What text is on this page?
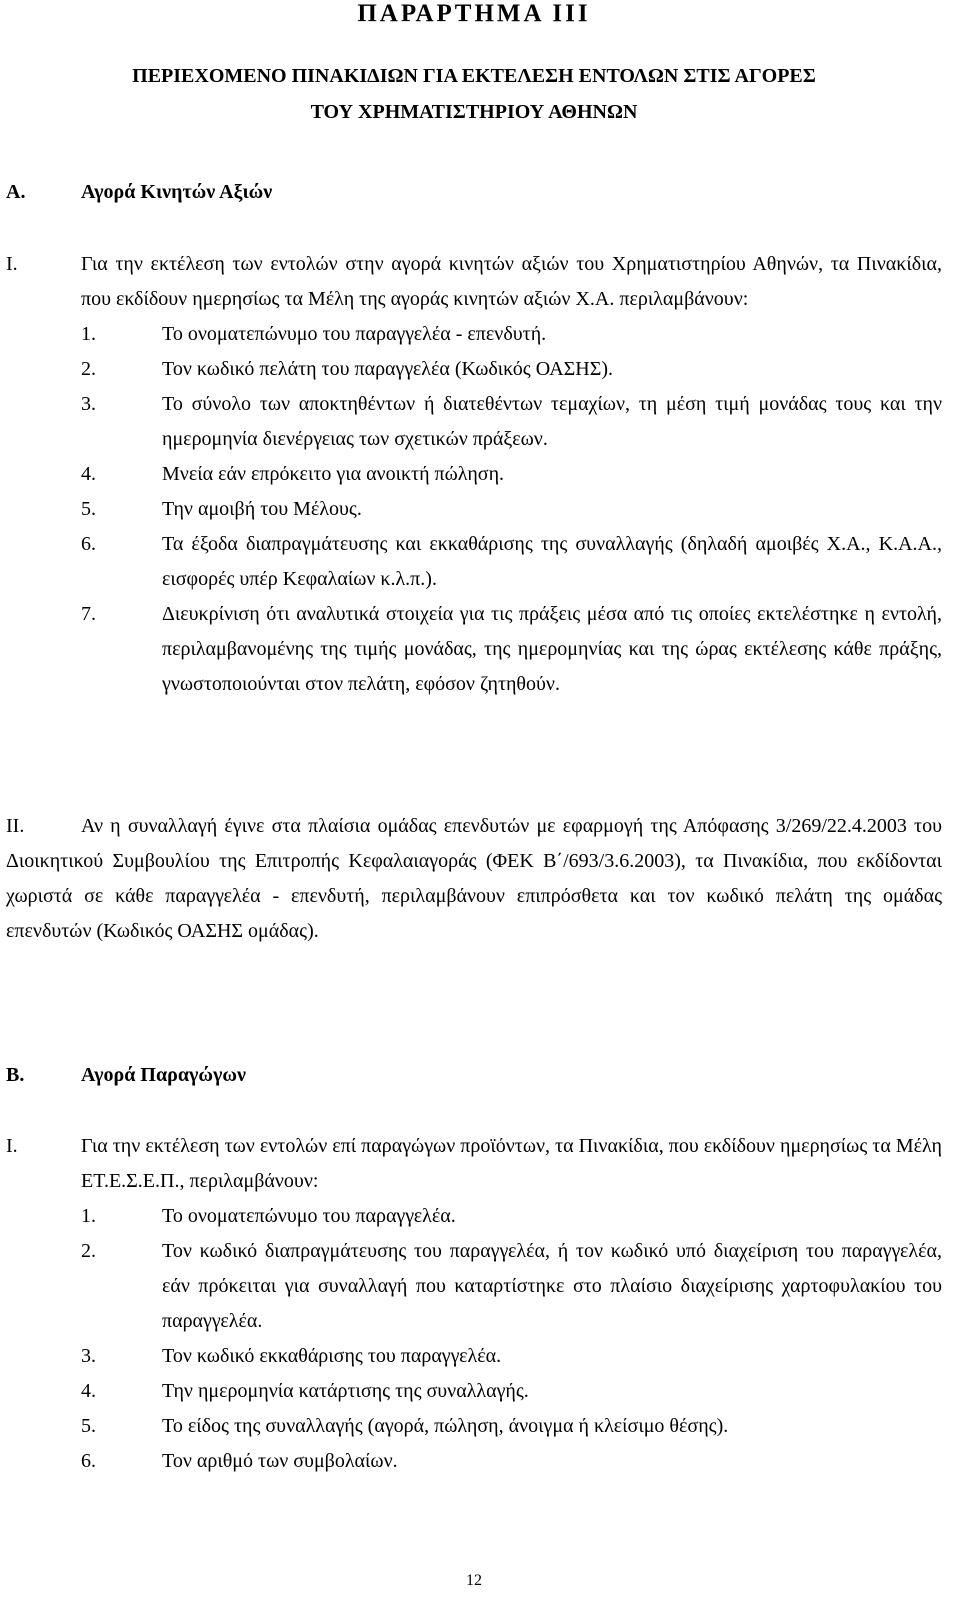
ΠΑΡΑΡΤΗΜΑ ΙΙΙ
ΠΕΡΙΕΧΟΜΕΝΟ ΠΙΝΑΚΙΔΙΩΝ ΓΙΑ ΕΚΤΕΛΕΣΗ ΕΝΤΟΛΩΝ ΣΤΙΣ ΑΓΟΡΕΣ
ΤΟΥ ΧΡΗΜΑΤΙΣΤΗΡΙΟΥ ΑΘΗΝΩΝ
Α.	Αγορά Κινητών Αξιών
Ι.	Για την εκτέλεση των εντολών στην αγορά κινητών αξιών του Χρηματιστηρίου Αθηνών, τα Πινακίδια, που εκδίδουν ημερησίως τα Μέλη της αγοράς κινητών αξιών Χ.Α. περιλαμβάνουν:
1.	Το ονοματεπώνυμο του παραγγελέα - επενδυτή.
2.	Τον κωδικό πελάτη του παραγγελέα (Κωδικός ΟΑΣΗΣ).
3.	Το σύνολο των αποκτηθέντων ή διατεθέντων τεμαχίων, τη μέση τιμή μονάδας τους και την ημερομηνία διενέργειας των σχετικών πράξεων.
4.	Μνεία εάν επρόκειτο για ανοικτή πώληση.
5.	Την αμοιβή του Μέλους.
6.	Τα έξοδα διαπραγμάτευσης και εκκαθάρισης της συναλλαγής (δηλαδή αμοιβές Χ.Α., Κ.Α.Α., εισφορές υπέρ Κεφαλαίων κ.λ.π.).
7.	Διευκρίνιση ότι αναλυτικά στοιχεία για τις πράξεις μέσα από τις οποίες εκτελέστηκε η εντολή, περιλαμβανομένης της τιμής μονάδας, της ημερομηνίας και της ώρας εκτέλεσης κάθε πράξης, γνωστοποιούνται στον πελάτη, εφόσον ζητηθούν.

ΙΙ.	Αν η συναλλαγή έγινε στα πλαίσια ομάδας επενδυτών με εφαρμογή της Απόφασης 3/269/22.4.2003 του Διοικητικού Συμβουλίου της Επιτροπής Κεφαλαιαγοράς (ΦΕΚ Β΄/693/3.6.2003), τα Πινακίδια, που εκδίδονται χωριστά σε κάθε παραγγελέα - επενδυτή, περιλαμβάνουν επιπρόσθετα και τον κωδικό πελάτη της ομάδας επενδυτών (Κωδικός ΟΑΣΗΣ ομάδας).

Β.	Αγορά Παραγώγων
Ι.	Για την εκτέλεση των εντολών επί παραγώγων προϊόντων, τα Πινακίδια, που εκδίδουν ημερησίως τα Μέλη ΕΤ.Ε.Σ.Ε.Π., περιλαμβάνουν:
1.	Το ονοματεπώνυμο του παραγγελέα.
2.	Τον κωδικό διαπραγμάτευσης του παραγγελέα, ή τον κωδικό υπό διαχείριση του παραγγελέα, εάν πρόκειται για συναλλαγή που καταρτίστηκε στο πλαίσιο διαχείρισης χαρτοφυλακίου του παραγγελέα.
3.	Τον κωδικό εκκαθάρισης του παραγγελέα.
4.	Την ημερομηνία κατάρτισης της συναλλαγής.
5.	Το είδος της συναλλαγής (αγορά, πώληση, άνοιγμα ή κλείσιμο θέσης).
6.	Τον αριθμό των συμβολαίων.
12
